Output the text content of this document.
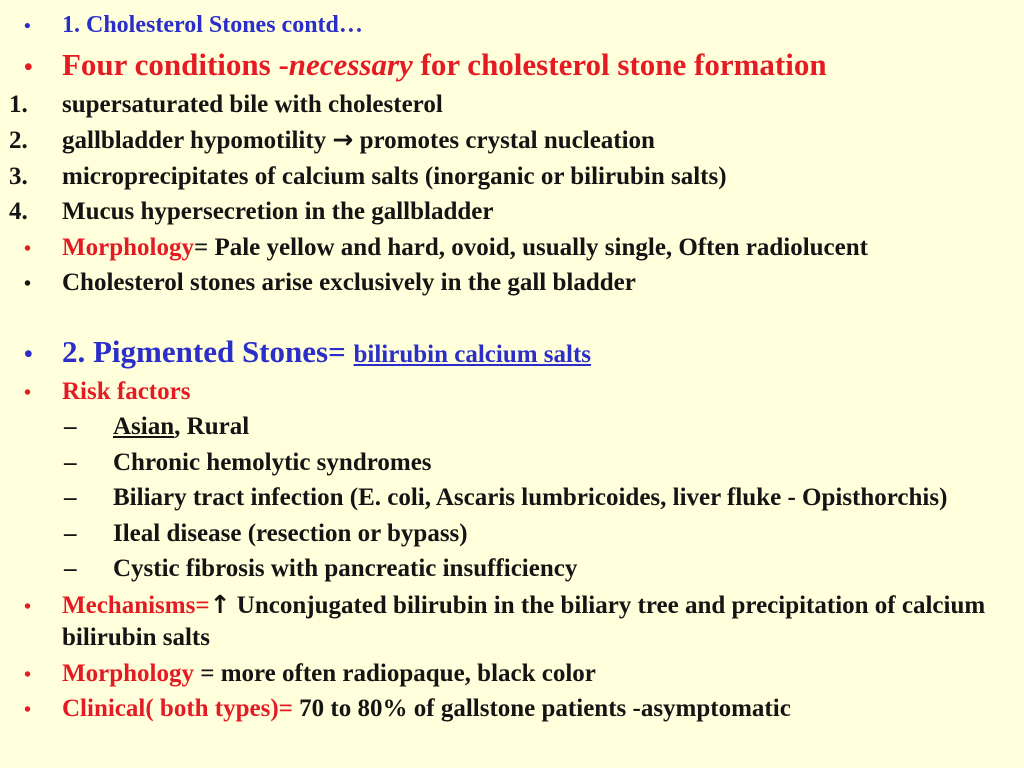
•	1. Cholesterol Stones contd…
• Four conditions -necessary for cholesterol stone formation
1.	supersaturated bile with cholesterol
2.	gallbladder hypomotility → promotes crystal nucleation
3.	microprecipitates of calcium salts (inorganic or bilirubin salts)
4.	Mucus hypersecretion in the gallbladder
•	Morphology= Pale yellow and hard, ovoid, usually single, Often radiolucent
•	Cholesterol stones arise exclusively in the gall bladder
• 2. Pigmented Stones= bilirubin calcium salts
•	Risk factors
–	Asian, Rural
–	Chronic hemolytic syndromes
–	Biliary tract infection (E. coli, Ascaris lumbricoides, liver fluke - Opisthorchis)
–	Ileal disease (resection or bypass)
–	Cystic fibrosis with pancreatic insufficiency
•	Mechanisms=↑ Unconjugated bilirubin in the biliary tree and precipitation of calcium bilirubin salts
•	Morphology = more often radiopaque, black color
•	Clinical( both types)= 70 to 80% of gallstone patients -asymptomatic
